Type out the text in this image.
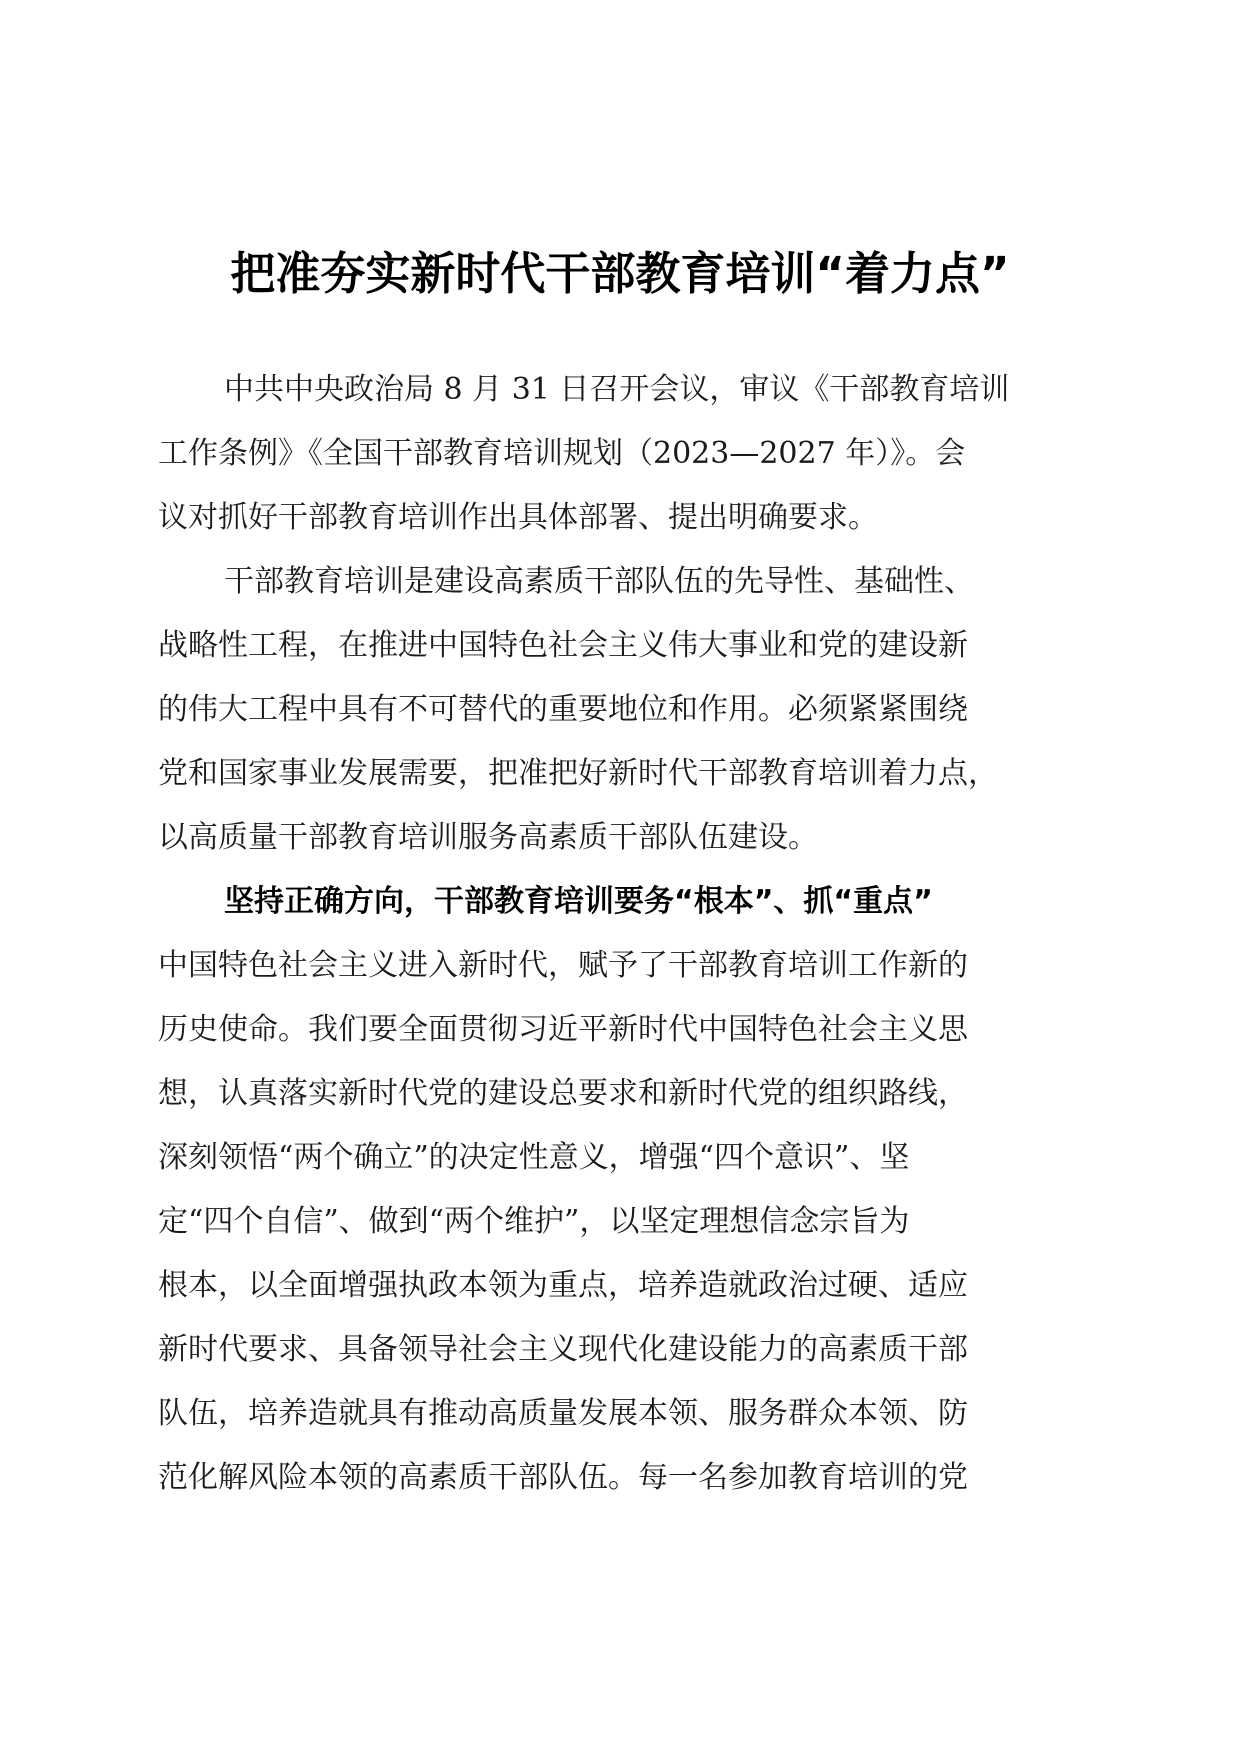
把准夯实新时代干部教育培训“着力点”
中共中央政治局 8 月 31 日召开会议，审议《干部教育培训
工作条例》《全国干部教育培训规划（2023—2027 年）》。会
议对抓好干部教育培训作出具体部署、提出明确要求。
干部教育培训是建设高素质干部队伍的先导性、基础性、
战略性工程，在推进中国特色社会主义伟大事业和党的建设新
的伟大工程中具有不可替代的重要地位和作用。必须紧紧围绕
党和国家事业发展需要，把准把好新时代干部教育培训着力点，
以高质量干部教育培训服务高素质干部队伍建设。
坚持正确方向，干部教育培训要务“根本”、抓“重点”
中国特色社会主义进入新时代，赋予了干部教育培训工作新的
历史使命。我们要全面贯彻习近平新时代中国特色社会主义思
想，认真落实新时代党的建设总要求和新时代党的组织路线，
深刻领悟“两个确立”的决定性意义，增强“四个意识”、坚
定“四个自信”、做到“两个维护”，以坚定理想信念宗旨为
根本，以全面增强执政本领为重点，培养造就政治过硬、适应
新时代要求、具备领导社会主义现代化建设能力的高素质干部
队伍，培养造就具有推动高质量发展本领、服务群众本领、防
范化解风险本领的高素质干部队伍。每一名参加教育培训的党
